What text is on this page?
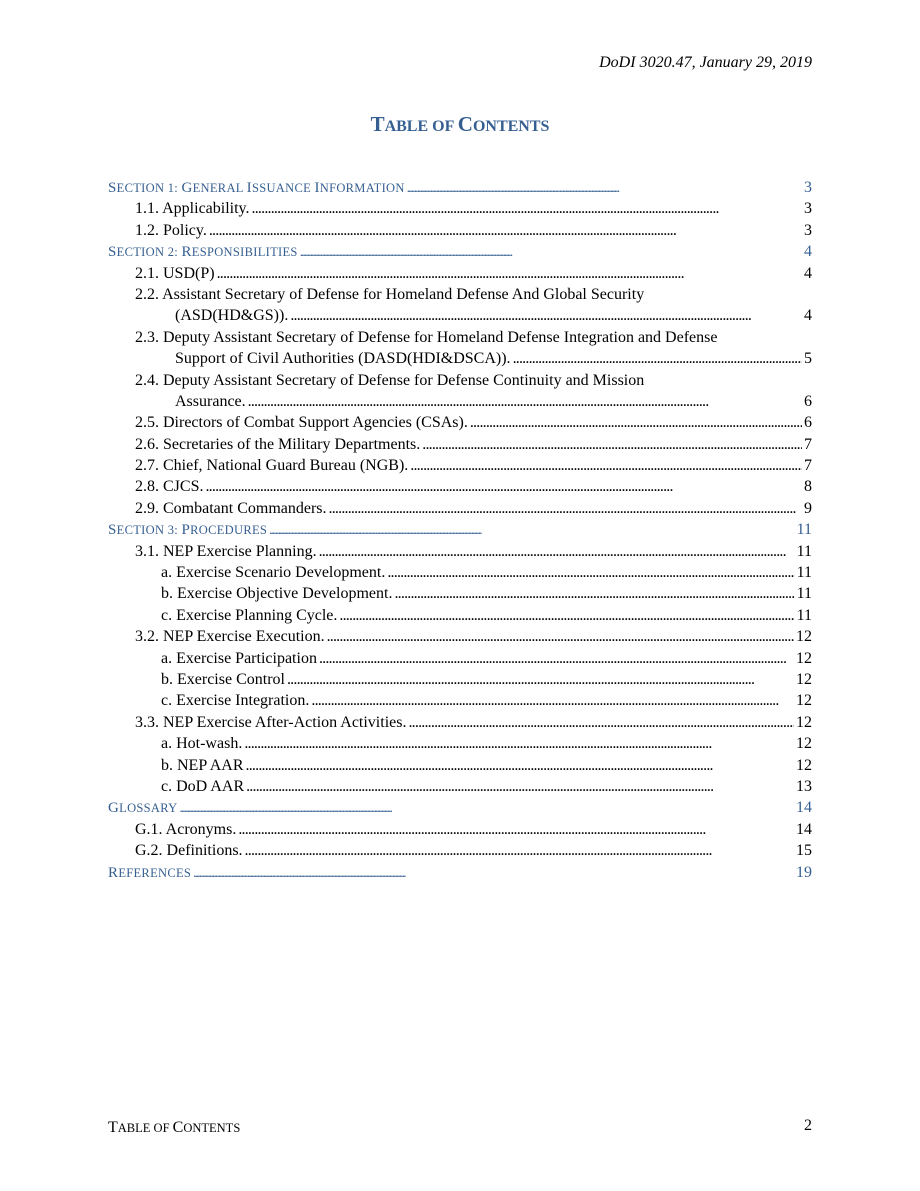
DoDI 3020.47, January 29, 2019
TABLE OF CONTENTS
SECTION 1: GENERAL ISSUANCE INFORMATION . . .	3
1.1. Applicability. . . .	3
1.2. Policy. . . .	3
SECTION 2: RESPONSIBILITIES . . .	4
2.1. USD(P) . . .	4
2.2. Assistant Secretary of Defense for Homeland Defense And Global Security
(ASD(HD&GS)). . . .	4
2.3. Deputy Assistant Secretary of Defense for Homeland Defense Integration and Defense
Support of Civil Authorities (DASD(HDI&DSCA)). . . .	5
2.4. Deputy Assistant Secretary of Defense for Defense Continuity and Mission
Assurance. . . .	6
2.5. Directors of Combat Support Agencies (CSAs). . . .	6
2.6. Secretaries of the Military Departments. . . .	7
2.7. Chief, National Guard Bureau (NGB). . . .	7
2.8. CJCS. . . .	8
2.9. Combatant Commanders. . . .	9
SECTION 3: PROCEDURES . . .	11
3.1. NEP Exercise Planning. . . .	11
a. Exercise Scenario Development. . . .	11
b. Exercise Objective Development. . . .	11
c. Exercise Planning Cycle. . . .	11
3.2. NEP Exercise Execution. . . .	12
a. Exercise Participation . . .	12
b. Exercise Control . . .	12
c. Exercise Integration. . . .	12
3.3. NEP Exercise After-Action Activities. . . .	12
a. Hot-wash. . . .	12
b. NEP AAR . . .	12
c. DoD AAR . . .	13
GLOSSARY . . .	14
G.1. Acronyms. . . .	14
G.2. Definitions. . . .	15
REFERENCES . . .	19
TABLE OF CONTENTS	2
